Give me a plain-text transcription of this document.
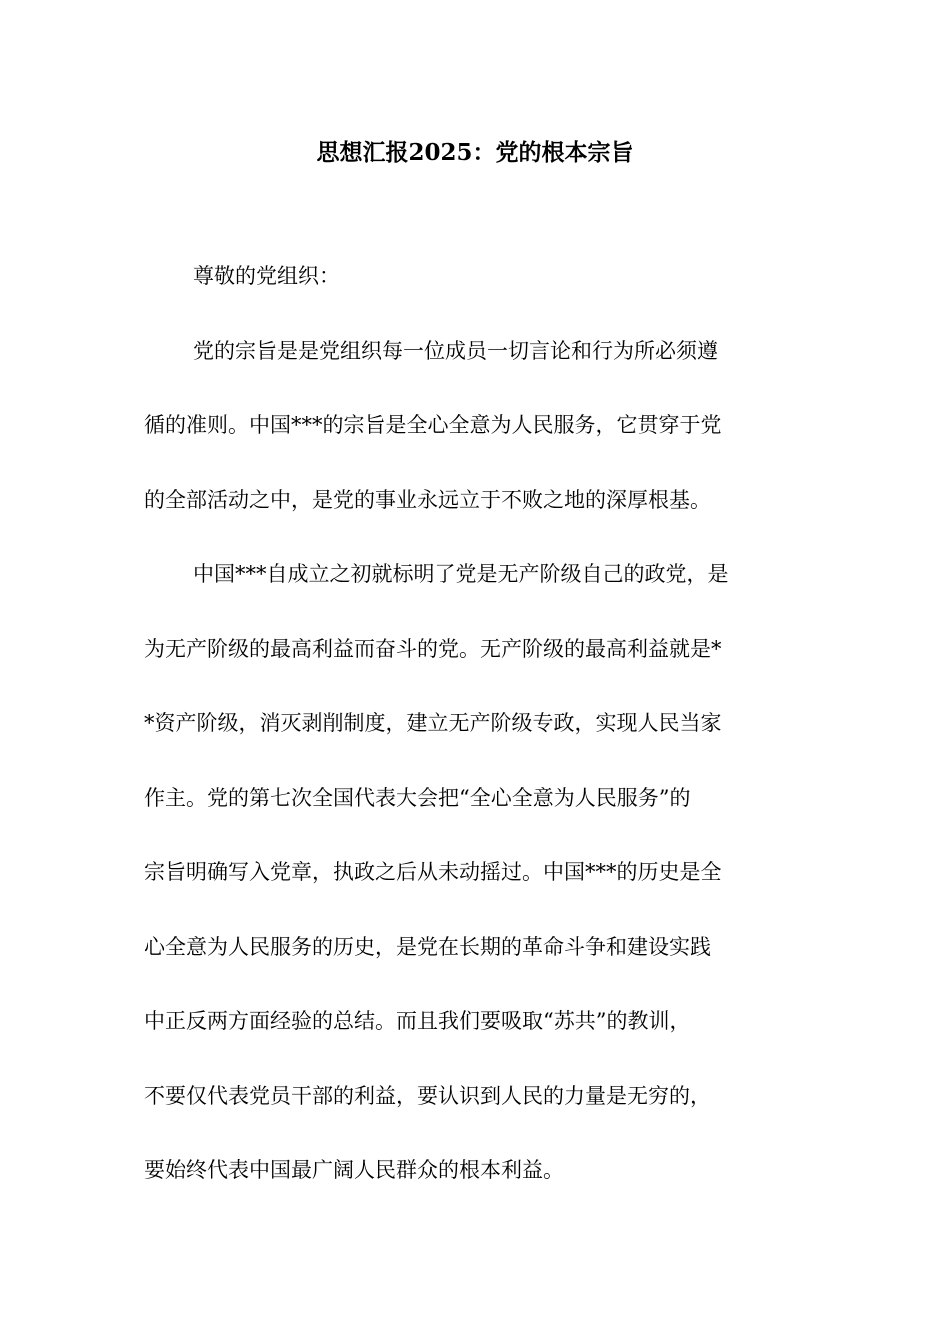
思想汇报2025：党的根本宗旨
尊敬的党组织：
党的宗旨是是党组织每一位成员一切言论和行为所必须遵
循的准则。中国***的宗旨是全心全意为人民服务，它贯穿于党
的全部活动之中，是党的事业永远立于不败之地的深厚根基。
中国***自成立之初就标明了党是无产阶级自己的政党，是
为无产阶级的最高利益而奋斗的党。无产阶级的最高利益就是*
*资产阶级，消灭剥削制度，建立无产阶级专政，实现人民当家
作主。党的第七次全国代表大会把“全心全意为人民服务”的
宗旨明确写入党章，执政之后从未动摇过。中国***的历史是全
心全意为人民服务的历史，是党在长期的革命斗争和建设实践
中正反两方面经验的总结。而且我们要吸取“苏共”的教训，
不要仅代表党员干部的利益，要认识到人民的力量是无穷的，
要始终代表中国最广阔人民群众的根本利益。
